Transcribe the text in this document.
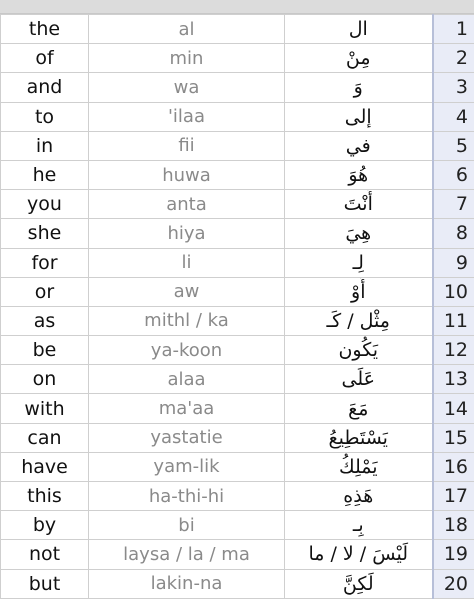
the	al	ال	1
of	min	مِنْ	2
and	wa	وَ	3
to	'ilaa	إلى	4
in	fii	في	5
he	huwa	هُوَ	6
you	anta	أَنْتَ	7
she	hiya	هِيَ	8
for	li	لِـ	9
or	aw	أَوْ	10
as	mithl / ka	مِثْل / كَـ	11
be	ya-koon	يَكُون	12
on	alaa	عَلَى	13
with	ma'aa	مَعَ	14
can	yastatie	يَسْتَطِيعُ	15
have	yam-lik	يَمْلِكُ	16
this	ha-thi-hi	هَذِهِ	17
by	bi	بِـ	18
not	laysa / la / ma	لَيْسَ / لا / ما	19
but	lakin-na	لَكِنَّ	20
